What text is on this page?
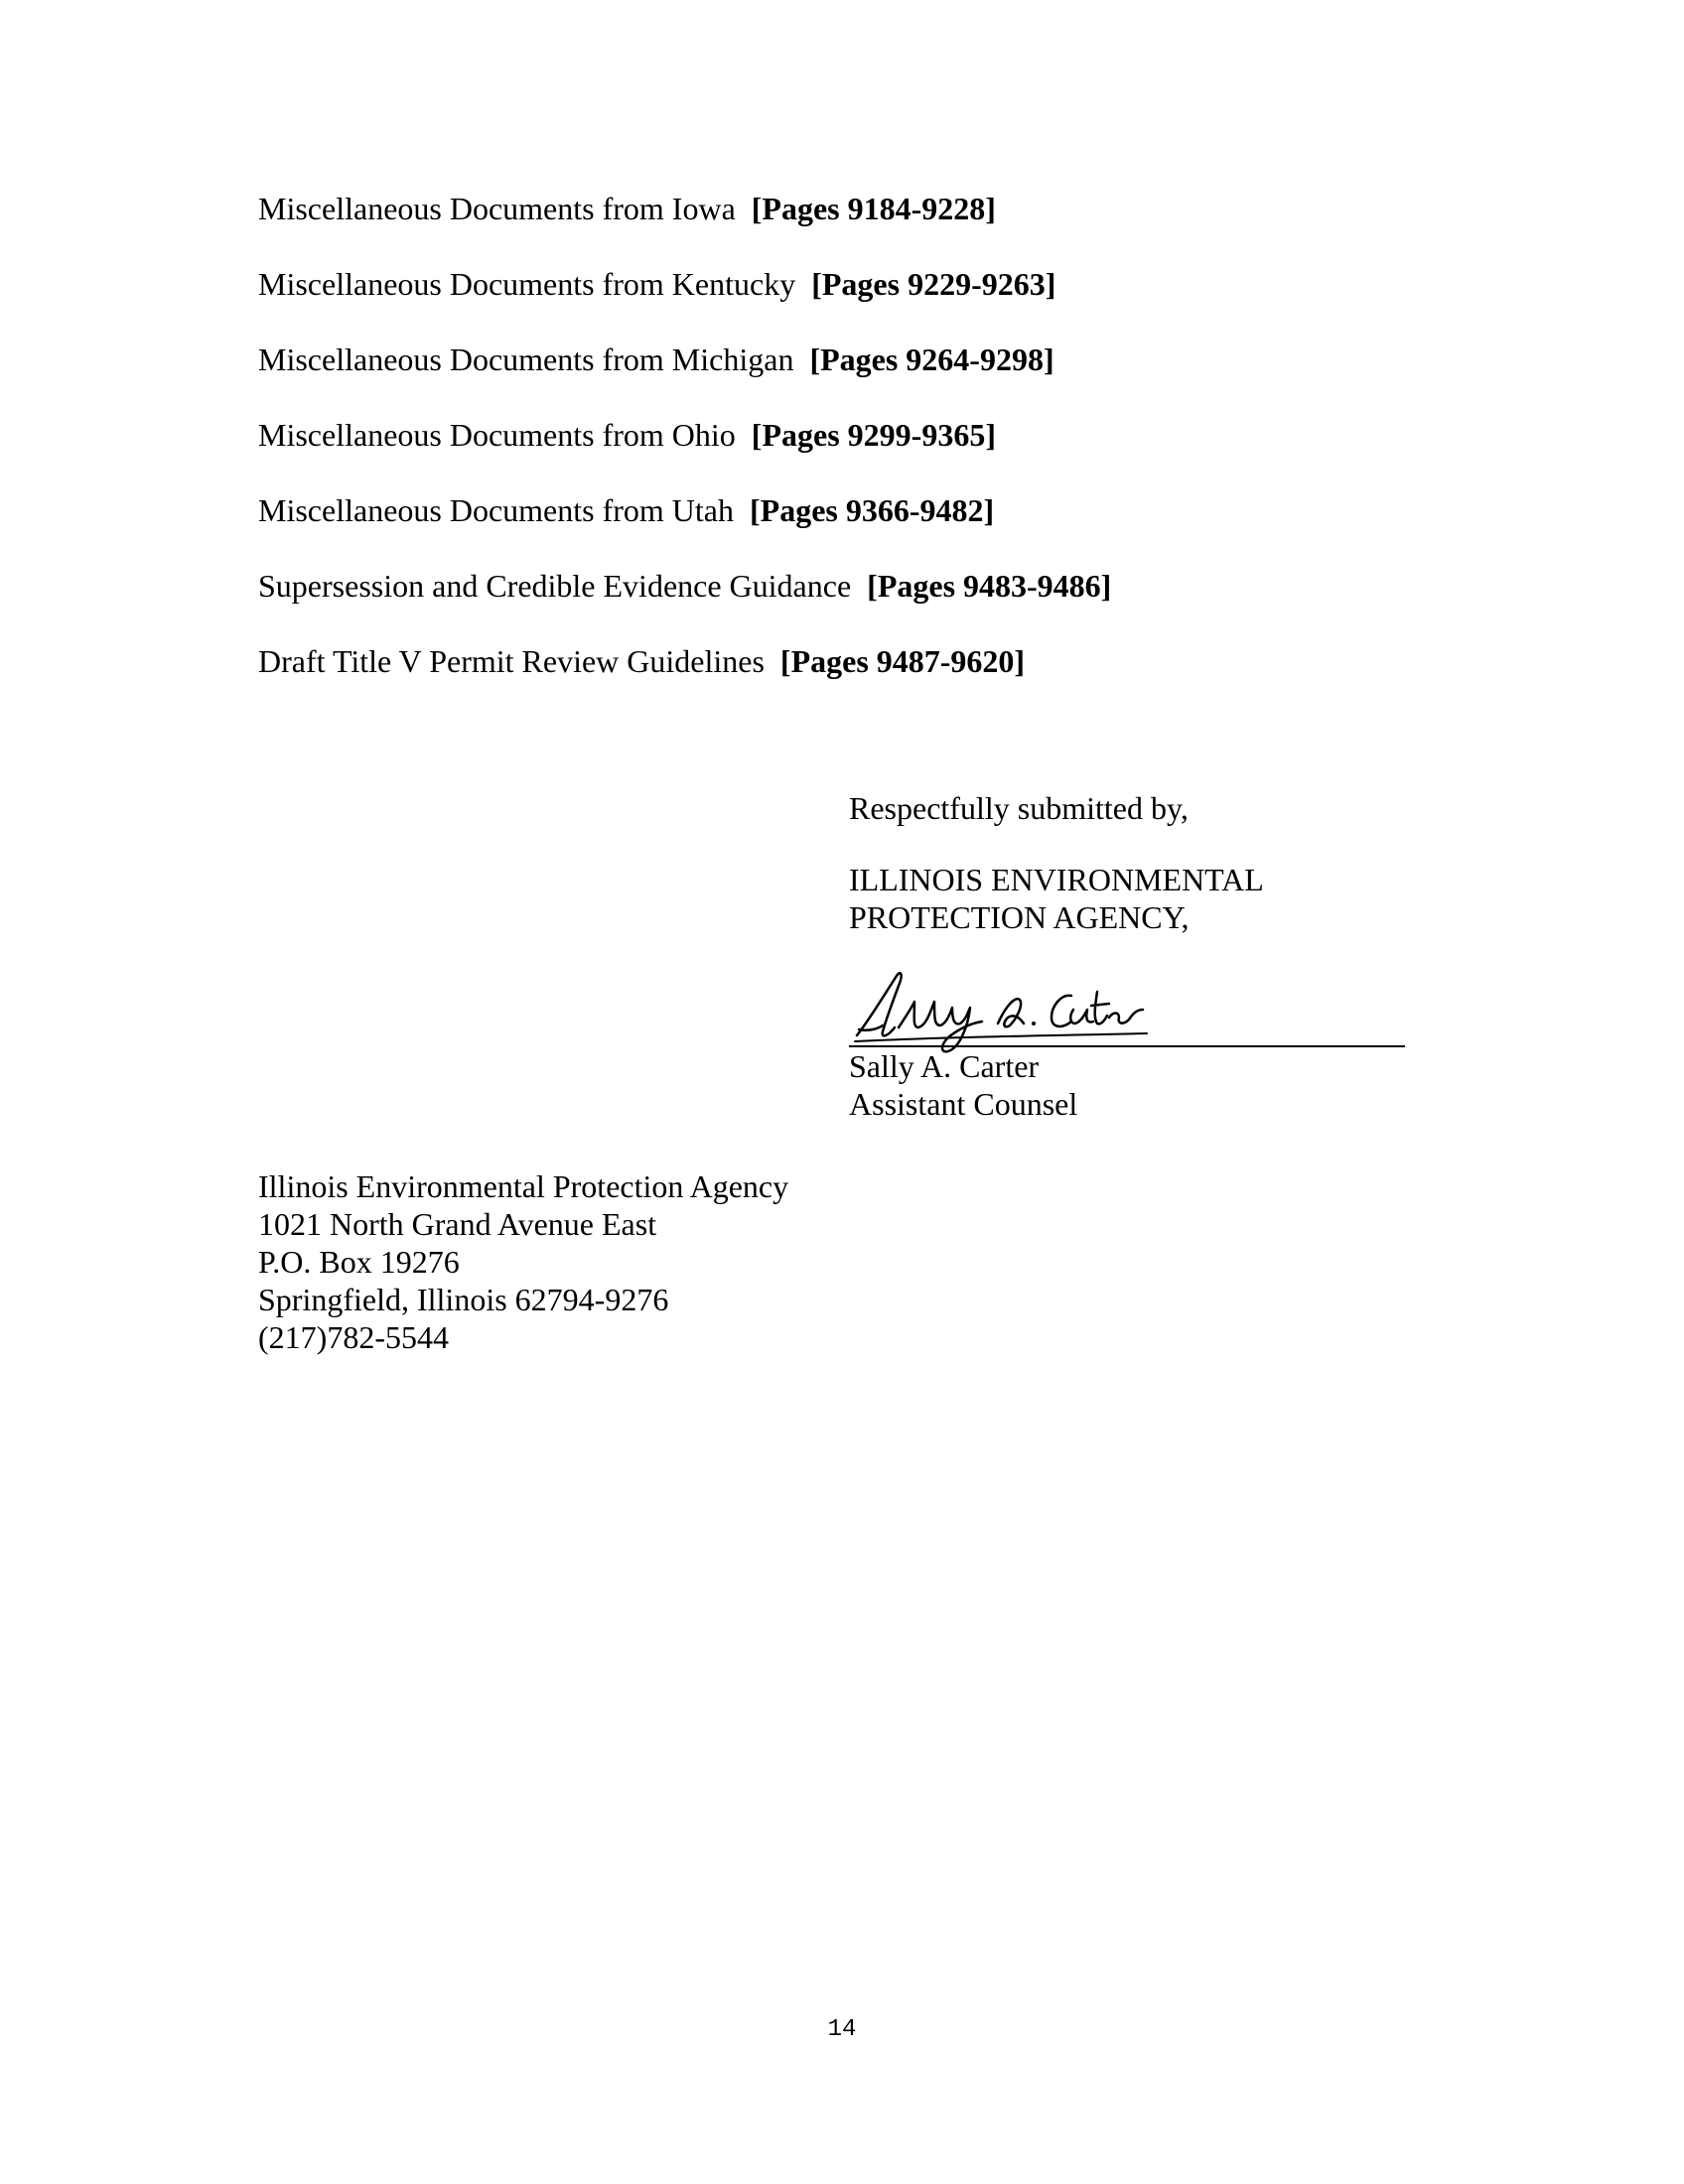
Miscellaneous Documents from Iowa [Pages 9184-9228]
Miscellaneous Documents from Kentucky [Pages 9229-9263]
Miscellaneous Documents from Michigan [Pages 9264-9298]
Miscellaneous Documents from Ohio [Pages 9299-9365]
Miscellaneous Documents from Utah [Pages 9366-9482]
Supersession and Credible Evidence Guidance [Pages 9483-9486]
Draft Title V Permit Review Guidelines [Pages 9487-9620]

Respectfully submitted by,

ILLINOIS ENVIRONMENTAL

PROTECTION AGENCY,

Sally A. Carter

Assistant Counsel

Illinois Environmental Protection Agency

1021 North Grand Avenue East

P.O. Box 19276

Springfield, Illinois 62794-9276

(217)782-5544

14
